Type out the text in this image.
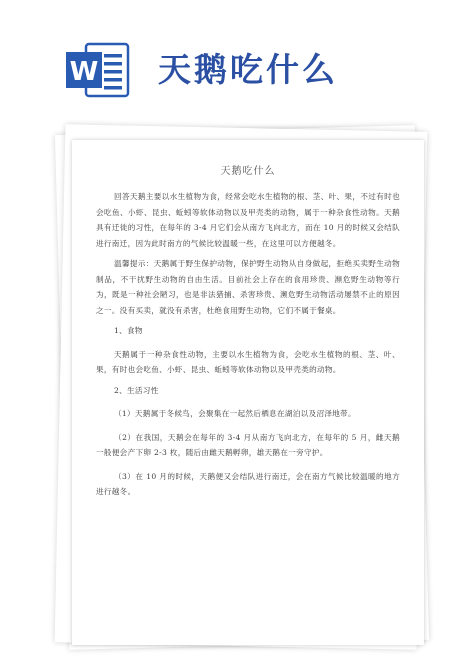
W 天鹅吃什么
天鹅吃什么

回答天鹅主要以水生植物为食，经常会吃水生植物的根、茎、叶、果，不过有时也会吃鱼、小虾、昆虫、蚯蚓等软体动物以及甲壳类的动物，属于一种杂食性动物。天鹅具有迁徙的习性，在每年的 3-4 月它们会从南方飞向北方，而在 10 月的时候又会结队进行南迁，因为此时南方的气候比较温暖一些，在这里可以方便越冬。

温馨提示：天鹅属于野生保护动物，保护野生动物从自身做起，拒绝买卖野生动物制品，不干扰野生动物的自由生活。目前社会上存在的食用珍贵、濒危野生动物等行为，既是一种社会陋习，也是非法猎捕、杀害珍贵、濒危野生动物活动屡禁不止的原因之一。没有买卖，就没有杀害，杜绝食用野生动物，它们不属于餐桌。

1、食物

天鹅属于一种杂食性动物，主要以水生植物为食，会吃水生植物的根、茎、叶、果，有时也会吃鱼、小虾、昆虫、蚯蚓等软体动物以及甲壳类的动物。

2、生活习性

（1）天鹅属于冬候鸟，会聚集在一起然后栖息在湖泊以及沼泽地带。

（2）在我国，天鹅会在每年的 3-4 月从南方飞向北方，在每年的 5 月，雌天鹅一般便会产下卵 2-3 枚，随后由雌天鹅孵卵，雄天鹅在一旁守护。

（3）在 10 月的时候，天鹅便又会结队进行南迁，会在南方气候比较温暖的地方进行越冬。
